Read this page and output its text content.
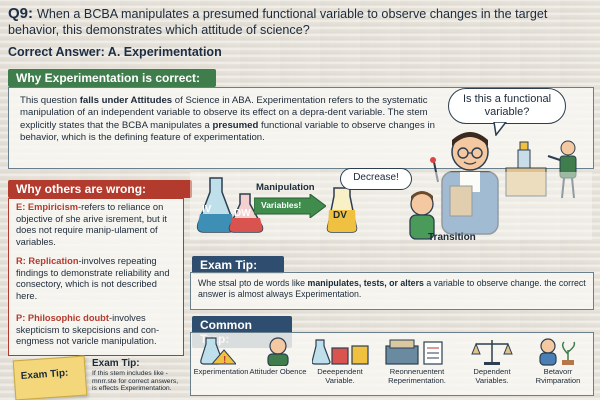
Q9: When a BCBA manipulates a presumed functional variable to observe changes in the target behavior, this demonstrates which attitude of science?
Correct Answer: A. Experimentation
Why Experimentation is correct:
This question falls under Attitudes of Science in ABA. Experimentation refers to the systematic manipulation of an independent variable to observe its effect on a depra-dent variable. The stem explicitly states that the BCBA manipulates a presumed functional variable to observe changes in behavior, which is the defining feature of experimentation.
Is this a functional variable?
Why others are wrong:
E: Empiricism-refers to reliance on objective of she arive isrement, but it does not require manip-ulament of variables.
R: Replication-involves repeating findings to demonstrate reliability and consectory, which is not described here.
P: Philosophic doubt-involves skepticism to skepcisions and con-engmess not varicle manipulation.
IV DW
Manipulation
Variables!
DV
Decrease!
Transition
Exam Tip:
Whe stsal pto de words like manipulates, tests, or alters a variable to observe change. the correct answer is almost always Experimentation.
Common
!
Experimentation Attituder Obence	Deeependent Variable.
Reonneruentent Reperimentation.
Dependent Variables.
Betavorr Rvimparation
Exam Tip:
Exam Tip:
If this stem includes like - mnrr.ste for correct answers, is effects Experimentation.
